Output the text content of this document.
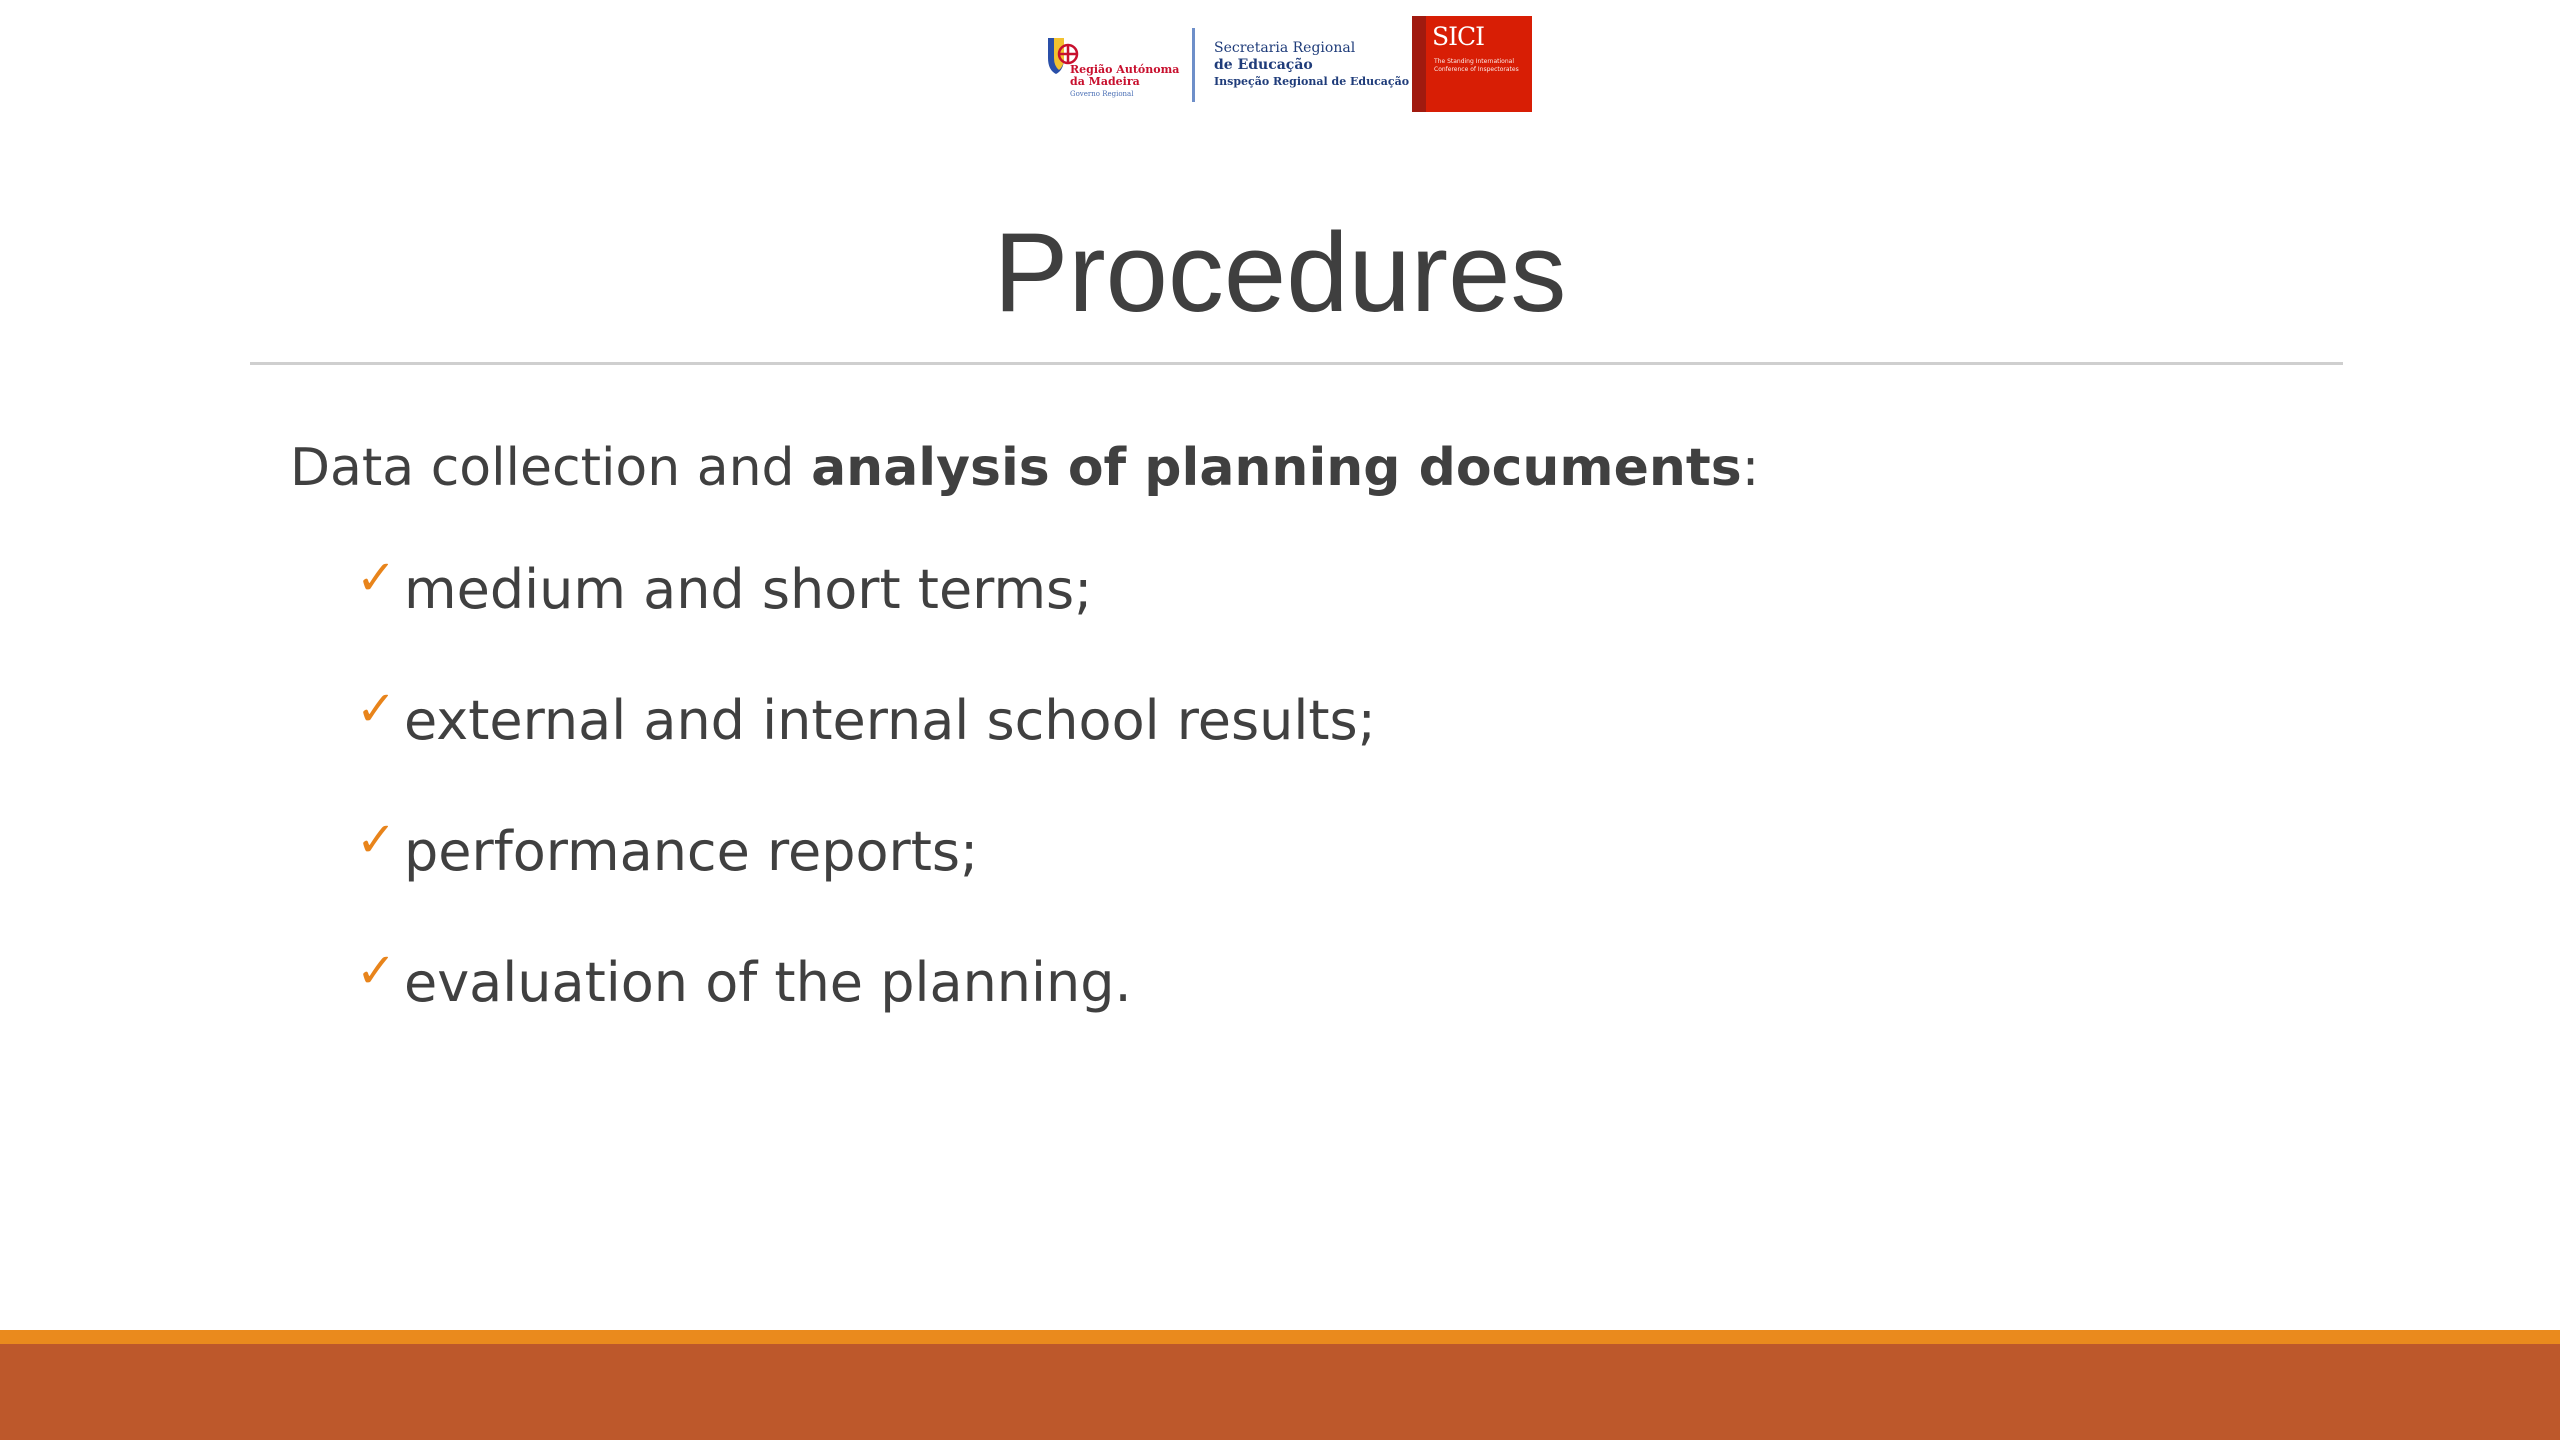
Região Autónoma
da Madeira
Governo Regional
Secretaria Regional
de Educação
Inspeção Regional de Educação
SICI
The Standing International Conference of Inspectorates
Procedures
Data collection and analysis of planning documents:
✓ medium and short terms;
✓ external and internal school results;
✓ performance reports;
✓ evaluation of the planning.
